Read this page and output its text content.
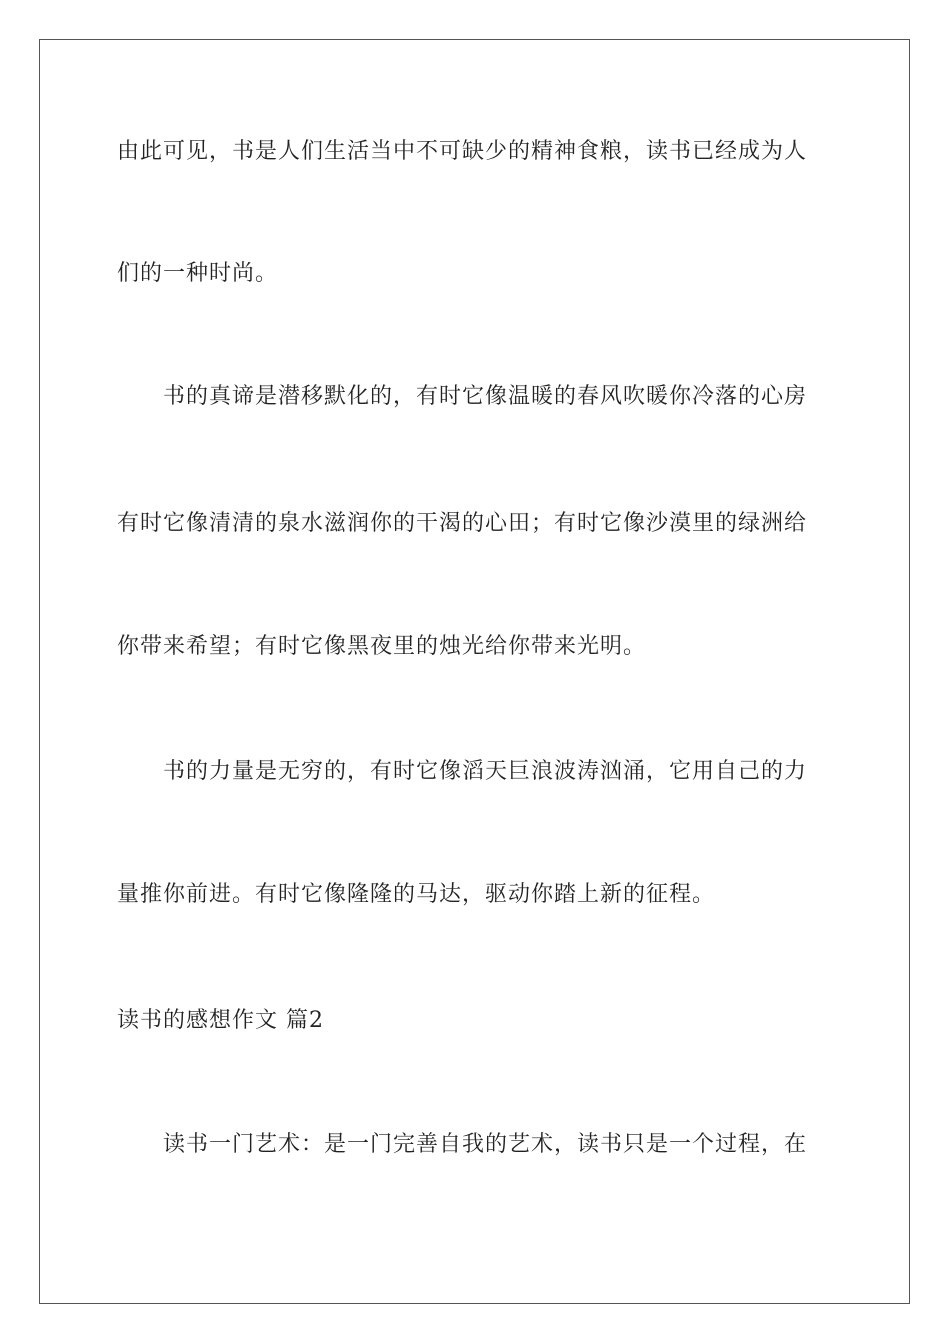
由此可见，书是人们生活当中不可缺少的精神食粮，读书已经成为人
们的一种时尚。
书的真谛是潜移默化的，有时它像温暖的春风吹暖你冷落的心房
有时它像清清的泉水滋润你的干渴的心田；有时它像沙漠里的绿洲给
你带来希望；有时它像黑夜里的烛光给你带来光明。
书的力量是无穷的，有时它像滔天巨浪波涛汹涌，它用自己的力
量推你前进。有时它像隆隆的马达，驱动你踏上新的征程。
读书的感想作文 篇2
读书一门艺术：是一门完善自我的艺术，读书只是一个过程，在
